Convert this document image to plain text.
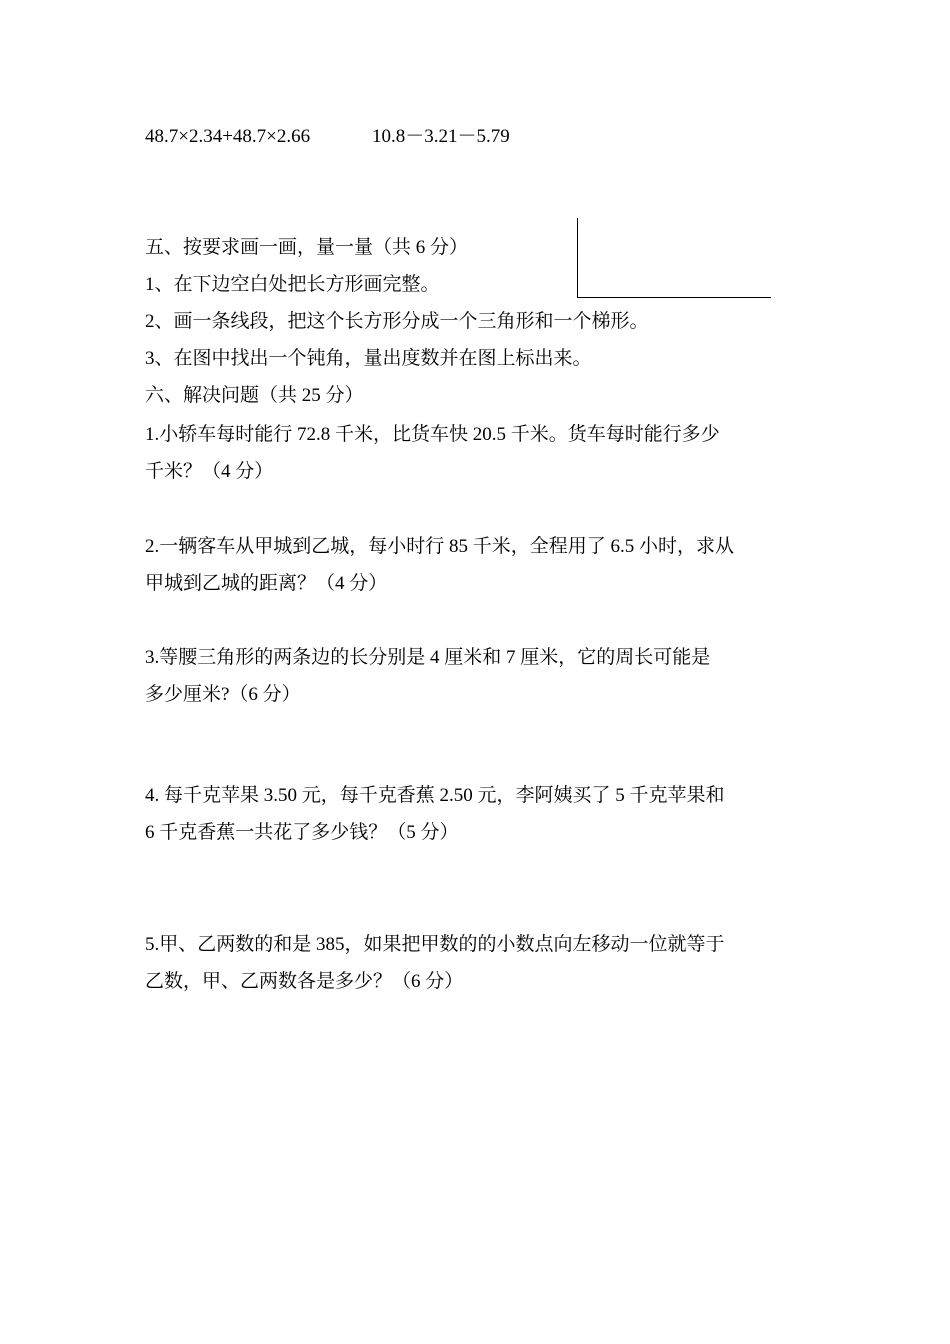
48.7×2.34+48.7×2.66	10.8－3.21－5.79
五、按要求画一画，量一量（共 6 分）
1、在下边空白处把长方形画完整。
2、画一条线段，把这个长方形分成一个三角形和一个梯形。
3、在图中找出一个钝角，量出度数并在图上标出来。
六、解决问题（共 25 分）
1.小轿车每时能行 72.8 千米，比货车快 20.5 千米。货车每时能行多少
千米？（4 分）
2.一辆客车从甲城到乙城，每小时行 85 千米，全程用了 6.5 小时，求从
甲城到乙城的距离？（4 分）
3.等腰三角形的两条边的长分别是 4 厘米和 7 厘米，它的周长可能是
多少厘米?（6 分）
4. 每千克苹果 3.50 元，每千克香蕉 2.50 元，李阿姨买了 5 千克苹果和
6 千克香蕉一共花了多少钱？（5 分）
5.甲、乙两数的和是 385，如果把甲数的的小数点向左移动一位就等于
乙数，甲、乙两数各是多少？（6 分）
